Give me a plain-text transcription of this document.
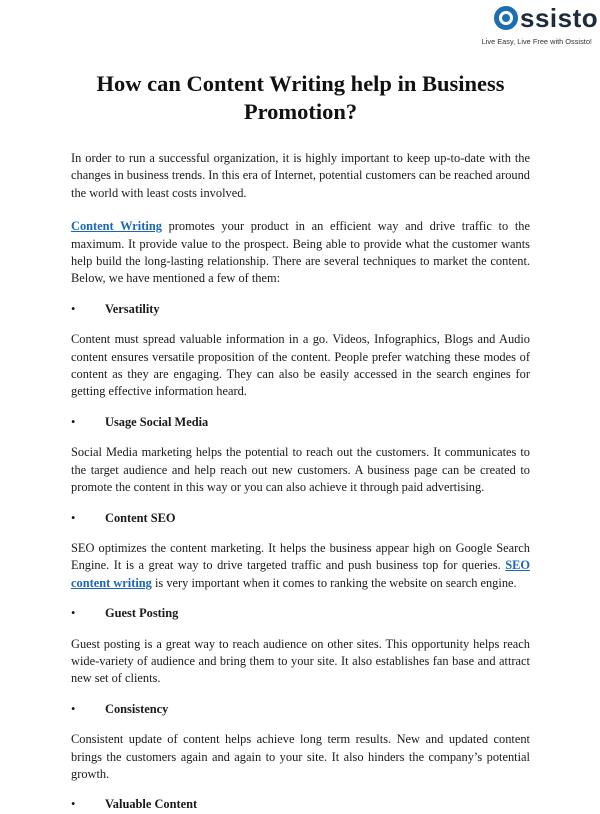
ssisto
Live Easy, Live Free with Ossisto!
How can Content Writing help in Business Promotion?

In order to run a successful organization, it is highly important to keep up-to-date with the changes in business trends. In this era of Internet, potential customers can be reached around the world with least costs involved.

Content Writing promotes your product in an efficient way and drive traffic to the maximum. It provide value to the prospect. Being able to provide what the customer wants help build the long-lasting relationship. There are several techniques to market the content. Below, we have mentioned a few of them:

• Versatility

Content must spread valuable information in a go. Videos, Infographics, Blogs and Audio content ensures versatile proposition of the content. People prefer watching these modes of content as they are engaging. They can also be easily accessed in the search engines for getting effective information heard.

• Usage Social Media

Social Media marketing helps the potential to reach out the customers. It communicates to the target audience and help reach out new customers. A business page can be created to promote the content in this way or you can also achieve it through paid advertising.

• Content SEO

SEO optimizes the content marketing. It helps the business appear high on Google Search Engine. It is a great way to drive targeted traffic and push business top for queries. SEO content writing is very important when it comes to ranking the website on search engine.

• Guest Posting

Guest posting is a great way to reach audience on other sites. This opportunity helps reach wide-variety of audience and bring them to your site. It also establishes fan base and attract new set of clients.

• Consistency

Consistent update of content helps achieve long term results. New and updated content brings the customers again and again to your site. It also hinders the company’s potential growth.

• Valuable Content
